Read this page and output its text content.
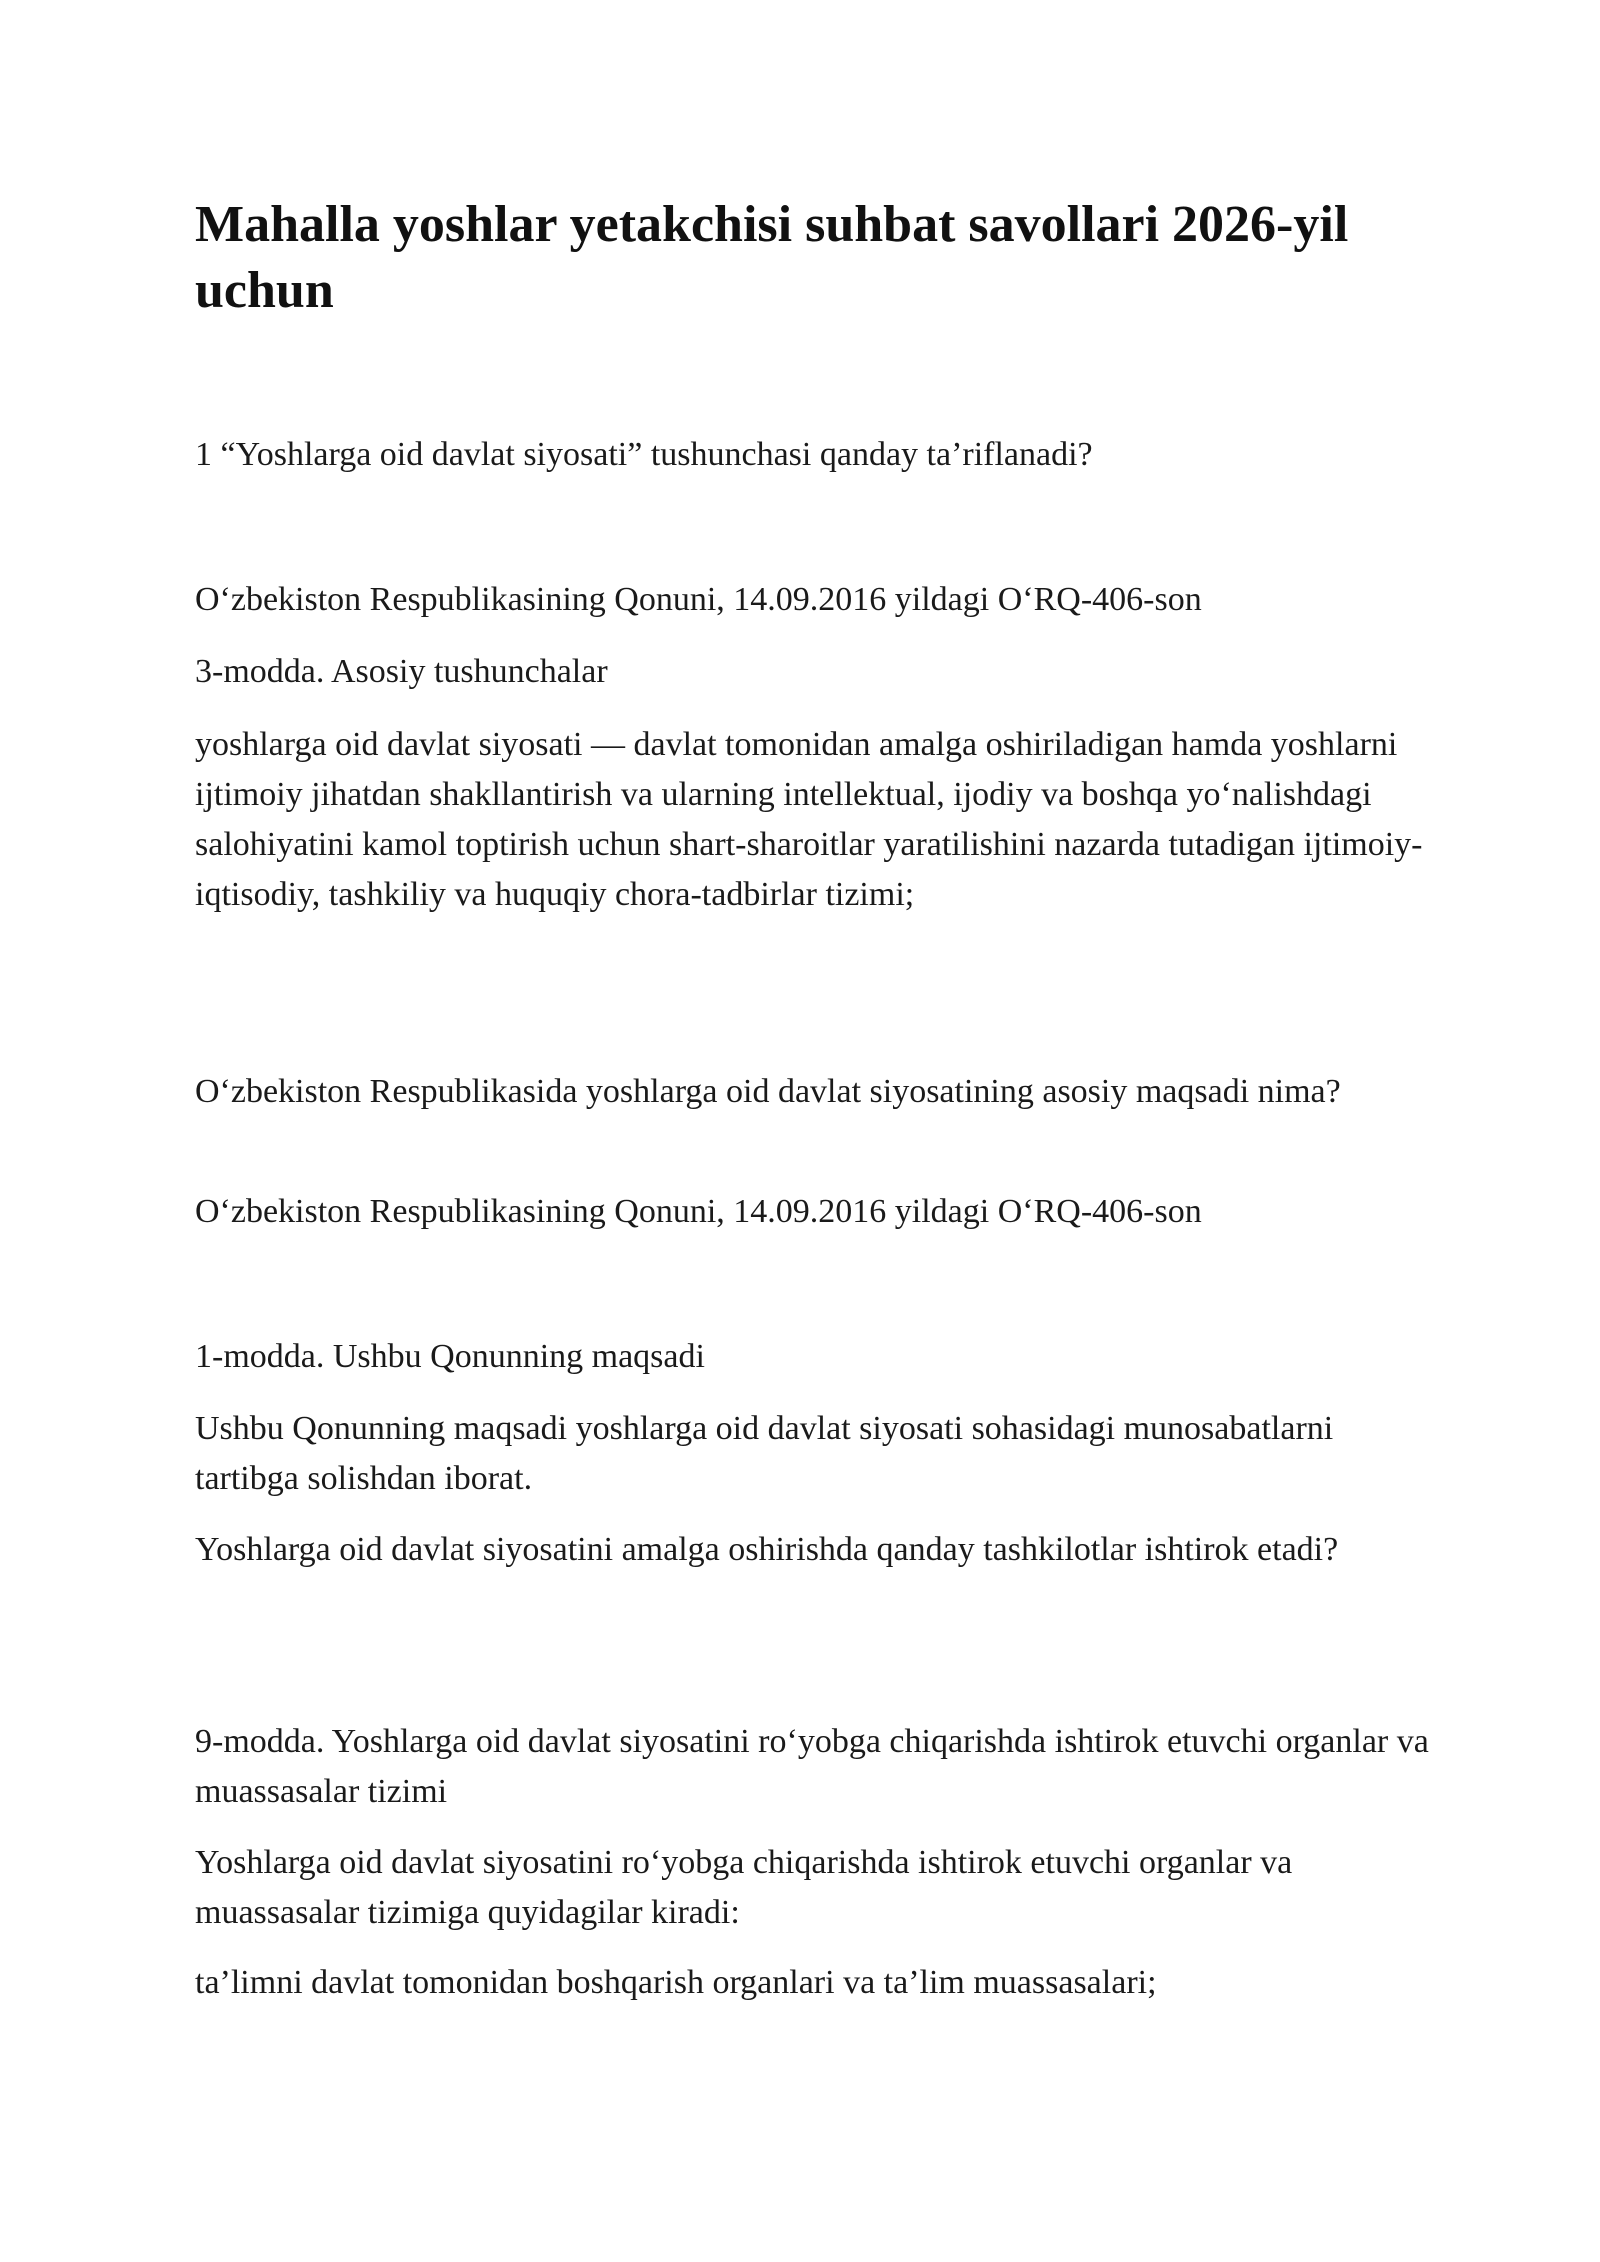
Mahalla yoshlar yetakchisi suhbat savollari 2026-yil uchun

1 “Yoshlarga oid davlat siyosati” tushunchasi qanday ta’riflanadi?

O‘zbekiston Respublikasining Qonuni, 14.09.2016 yildagi O‘RQ-406-son

3-modda. Asosiy tushunchalar

yoshlarga oid davlat siyosati — davlat tomonidan amalga oshiriladigan hamda yoshlarni ijtimoiy jihatdan shakllantirish va ularning intellektual, ijodiy va boshqa yo‘nalishdagi salohiyatini kamol toptirish uchun shart-sharoitlar yaratilishini nazarda tutadigan ijtimoiy-iqtisodiy, tashkiliy va huquqiy chora-tadbirlar tizimi;

O‘zbekiston Respublikasida yoshlarga oid davlat siyosatining asosiy maqsadi nima?

O‘zbekiston Respublikasining Qonuni, 14.09.2016 yildagi O‘RQ-406-son

1-modda. Ushbu Qonunning maqsadi

Ushbu Qonunning maqsadi yoshlarga oid davlat siyosati sohasidagi munosabatlarni tartibga solishdan iborat.

Yoshlarga oid davlat siyosatini amalga oshirishda qanday tashkilotlar ishtirok etadi?

9-modda. Yoshlarga oid davlat siyosatini ro‘yobga chiqarishda ishtirok etuvchi organlar va muassasalar tizimi

Yoshlarga oid davlat siyosatini ro‘yobga chiqarishda ishtirok etuvchi organlar va muassasalar tizimiga quyidagilar kiradi:

ta’limni davlat tomonidan boshqarish organlari va ta’lim muassasalari;
